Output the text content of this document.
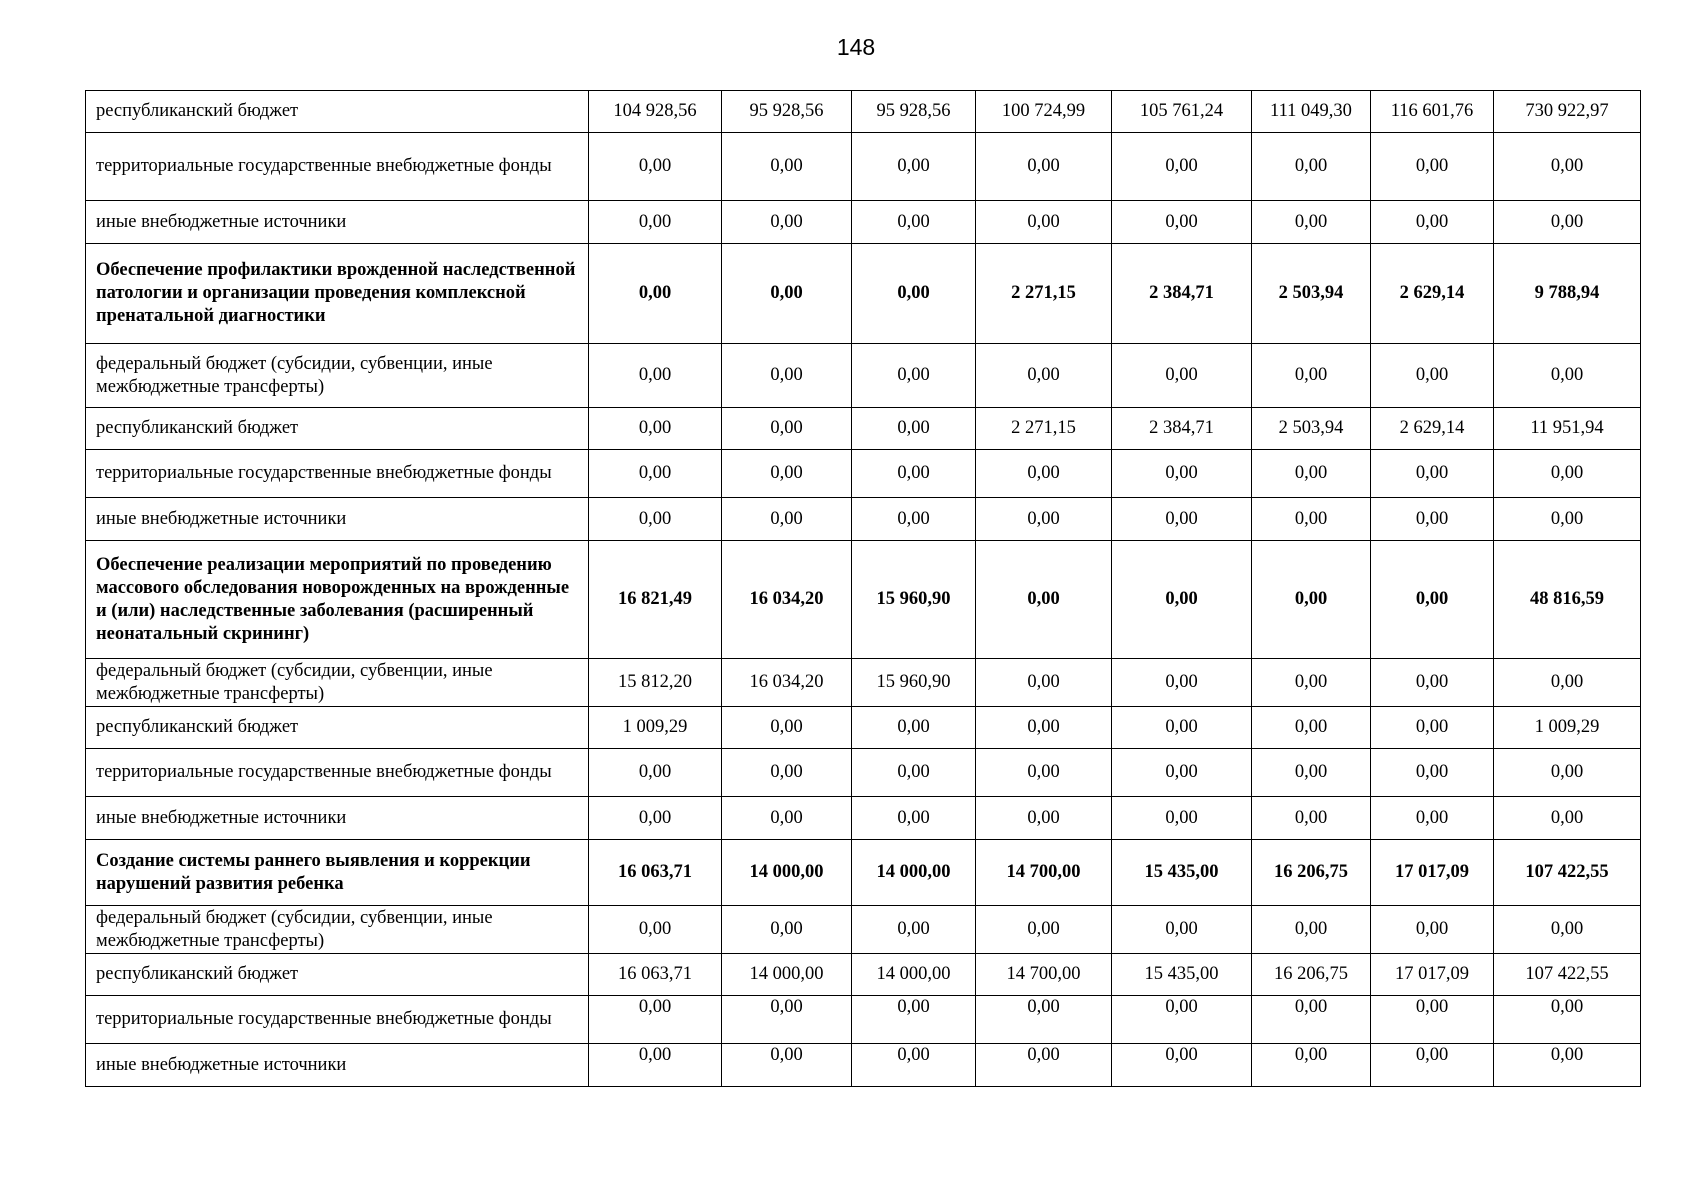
148
республиканский бюджет	104 928,56	95 928,56	95 928,56	100 724,99	105 761,24	111 049,30	116 601,76	730 922,97
территориальные государственные внебюджетные фонды	0,00	0,00	0,00	0,00	0,00	0,00	0,00	0,00
иные внебюджетные источники	0,00	0,00	0,00	0,00	0,00	0,00	0,00	0,00
Обеспечение профилактики врожденной наследственной патологии и организации проведения комплексной пренатальной диагностики	0,00	0,00	0,00	2 271,15	2 384,71	2 503,94	2 629,14	9 788,94
федеральный бюджет (субсидии, субвенции, иные межбюджетные трансферты)	0,00	0,00	0,00	0,00	0,00	0,00	0,00	0,00
республиканский бюджет	0,00	0,00	0,00	2 271,15	2 384,71	2 503,94	2 629,14	11 951,94
территориальные государственные внебюджетные фонды	0,00	0,00	0,00	0,00	0,00	0,00	0,00	0,00
иные внебюджетные источники	0,00	0,00	0,00	0,00	0,00	0,00	0,00	0,00
Обеспечение реализации мероприятий по проведению массового обследования новорожденных на врожденные и (или) наследственные заболевания (расширенный неонатальный скрининг)	16 821,49	16 034,20	15 960,90	0,00	0,00	0,00	0,00	48 816,59
федеральный бюджет (субсидии, субвенции, иные межбюджетные трансферты)	15 812,20	16 034,20	15 960,90	0,00	0,00	0,00	0,00	0,00
республиканский бюджет	1 009,29	0,00	0,00	0,00	0,00	0,00	0,00	1 009,29
территориальные государственные внебюджетные фонды	0,00	0,00	0,00	0,00	0,00	0,00	0,00	0,00
иные внебюджетные источники	0,00	0,00	0,00	0,00	0,00	0,00	0,00	0,00
Создание системы раннего выявления и коррекции нарушений развития ребенка	16 063,71	14 000,00	14 000,00	14 700,00	15 435,00	16 206,75	17 017,09	107 422,55
федеральный бюджет (субсидии, субвенции, иные межбюджетные трансферты)	0,00	0,00	0,00	0,00	0,00	0,00	0,00	0,00
республиканский бюджет	16 063,71	14 000,00	14 000,00	14 700,00	15 435,00	16 206,75	17 017,09	107 422,55
территориальные государственные внебюджетные фонды	0,00	0,00	0,00	0,00	0,00	0,00	0,00	0,00
иные внебюджетные источники	0,00	0,00	0,00	0,00	0,00	0,00	0,00	0,00
